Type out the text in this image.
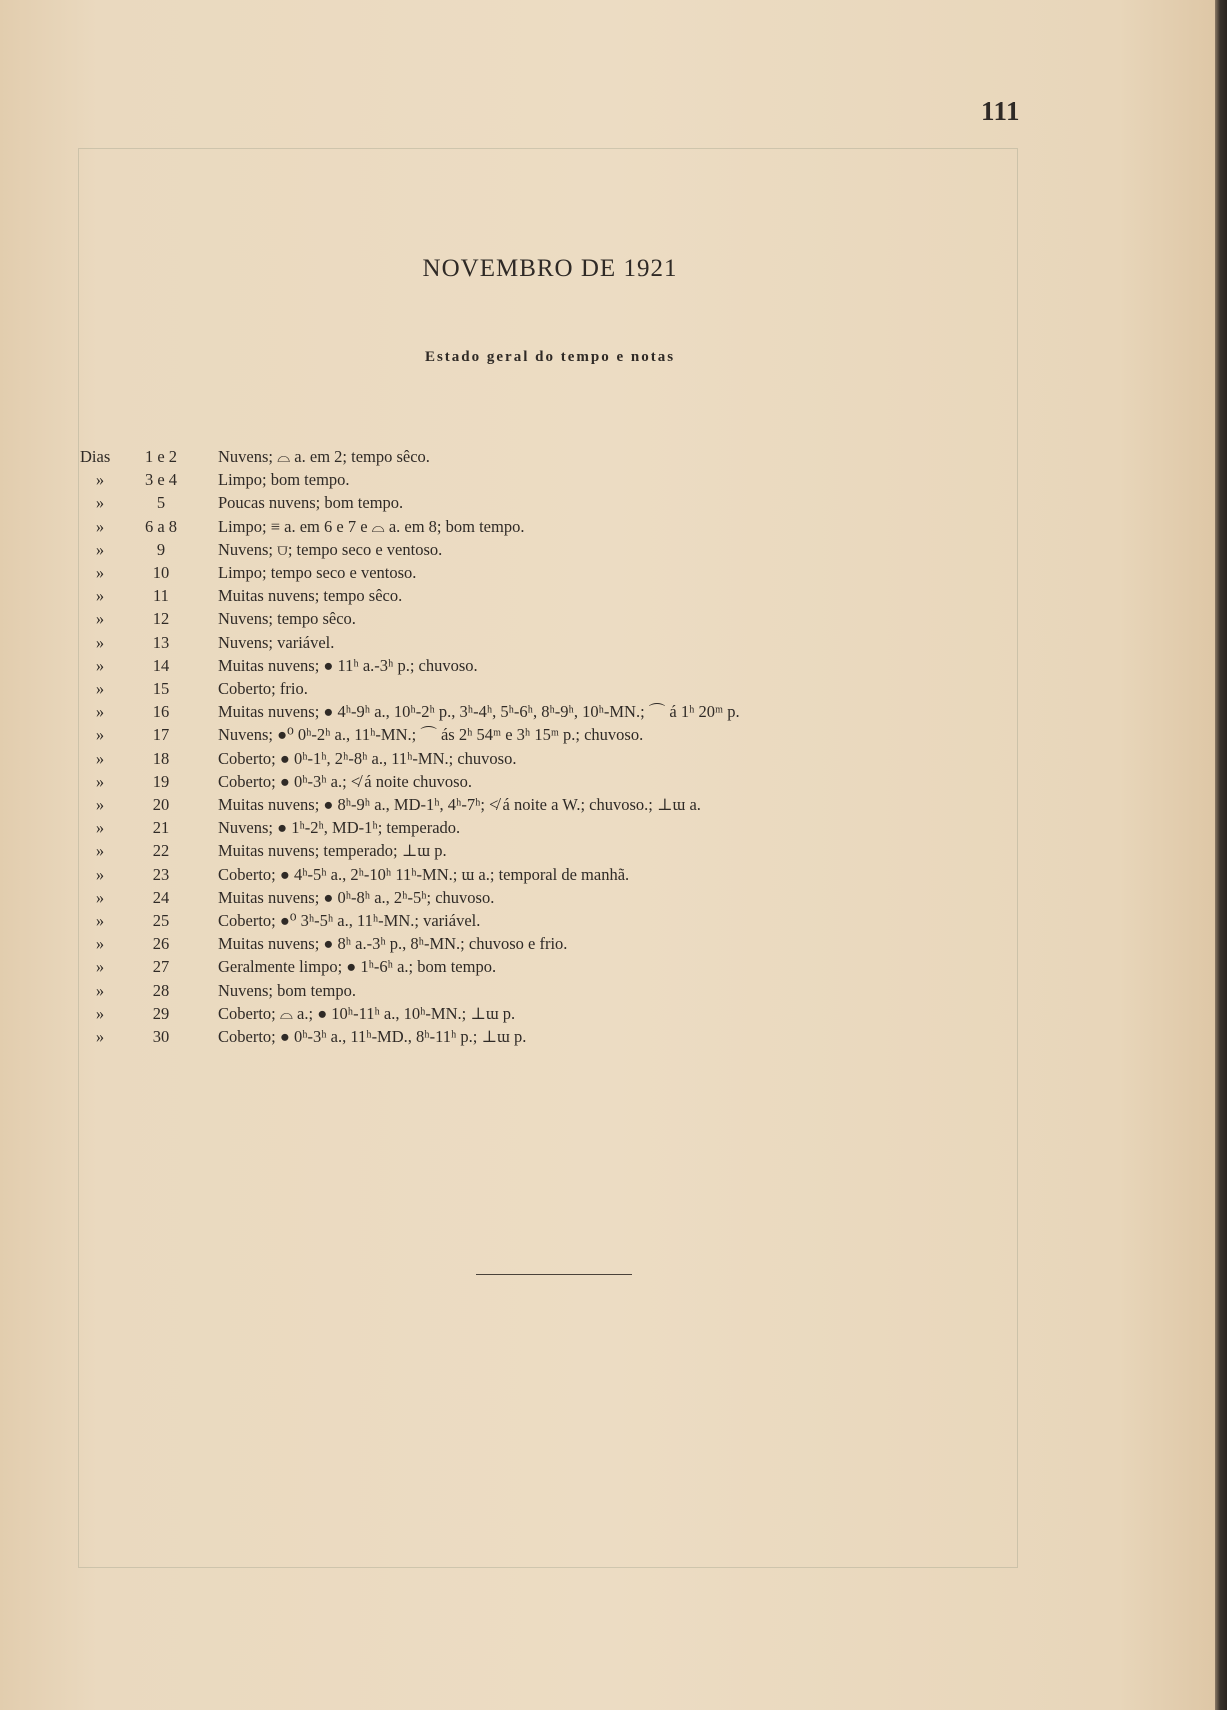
111
NOVEMBRO DE 1921
Estado geral do tempo e notas
Dias	1 e 2	Nuvens; ⌓ a. em 2; tempo sêco.
»	3 e 4	Limpo; bom tempo.
»	5	Poucas nuvens; bom tempo.
»	6 a 8	Limpo; ≡ a. em 6 e 7 e ⌓ a. em 8; bom tempo.
»	9	Nuvens; ⩌; tempo seco e ventoso.
»	10	Limpo; tempo seco e ventoso.
»	11	Muitas nuvens; tempo sêco.
»	12	Nuvens; tempo sêco.
»	13	Nuvens; variável.
»	14	Muitas nuvens; ● 11ʰ a.-3ʰ p.; chuvoso.
»	15	Coberto; frio.
»	16	Muitas nuvens; ● 4ʰ-9ʰ a., 10ʰ-2ʰ p., 3ʰ-4ʰ, 5ʰ-6ʰ, 8ʰ-9ʰ, 10ʰ-MN.; ⌒ á 1ʰ 20ᵐ p.
»	17	Nuvens; ●⁰ 0ʰ-2ʰ a., 11ʰ-MN.; ⌒ ás 2ʰ 54ᵐ e 3ʰ 15ᵐ p.; chuvoso.
»	18	Coberto; ● 0ʰ-1ʰ, 2ʰ-8ʰ a., 11ʰ-MN.; chuvoso.
»	19	Coberto; ● 0ʰ-3ʰ a.; ≮ á noite chuvoso.
»	20	Muitas nuvens; ● 8ʰ-9ʰ a., MD-1ʰ, 4ʰ-7ʰ; ≮ á noite a W.; chuvoso.; ⊥ɯ a.
»	21	Nuvens; ● 1ʰ-2ʰ, MD-1ʰ; temperado.
»	22	Muitas nuvens; temperado; ⊥ɯ p.
»	23	Coberto; ● 4ʰ-5ʰ a., 2ʰ-10ʰ 11ʰ-MN.; ɯ a.; temporal de manhã.
»	24	Muitas nuvens; ● 0ʰ-8ʰ a., 2ʰ-5ʰ; chuvoso.
»	25	Coberto; ●⁰ 3ʰ-5ʰ a., 11ʰ-MN.; variável.
»	26	Muitas nuvens; ● 8ʰ a.-3ʰ p., 8ʰ-MN.; chuvoso e frio.
»	27	Geralmente limpo; ● 1ʰ-6ʰ a.; bom tempo.
»	28	Nuvens; bom tempo.
»	29	Coberto; ⌓ a.; ● 10ʰ-11ʰ a., 10ʰ-MN.; ⊥ɯ p.
»	30	Coberto; ● 0ʰ-3ʰ a., 11ʰ-MD., 8ʰ-11ʰ p.; ⊥ɯ p.
